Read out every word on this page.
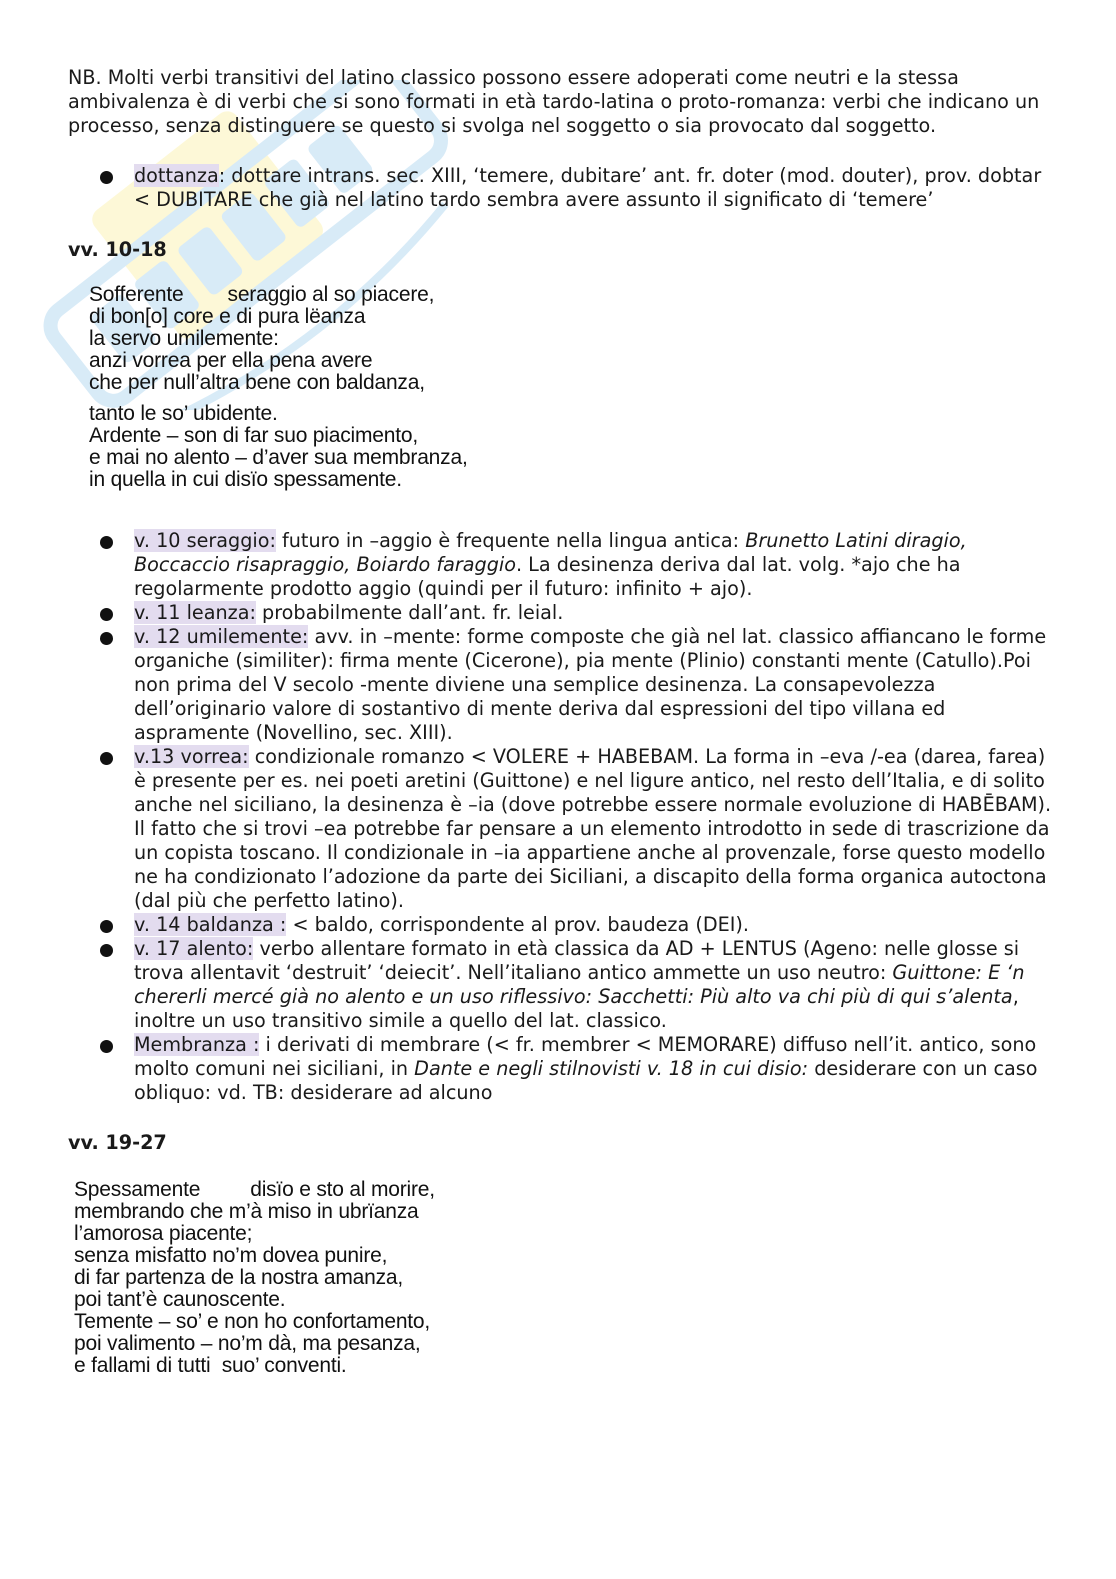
NB. Molti verbi transitivi del latino classico possono essere adoperati come neutri e la stessa ambivalenza è di verbi che si sono formati in età tardo-latina o proto-romanza: verbi che indicano un processo, senza distinguere se questo si svolga nel soggetto o sia provocato dal soggetto.

dottanza: dottare intrans. sec. XIII, ‘temere, dubitare’ ant. fr. doter (mod. douter), prov. dobtar < DUBITARE che già nel latino tardo sembra avere assunto il significato di ‘temere’

vv. 10-18

Sofferente seraggio al so piacere,
di bon[o] core e di pura lëanza
la servo umilemente:
anzi vorrea per ella pena avere
che per null’altra bene con baldanza,
tanto le so’ ubidente.
Ardente – son di far suo piacimento,
e mai no alento – d’aver sua membranza,
in quella in cui disïo spessamente.
v. 10 seraggio: futuro in –aggio è frequente nella lingua antica: Brunetto Latini diragio, Boccaccio risapraggio, Boiardo faraggio. La desinenza deriva dal lat. volg. *ajo che ha regolarmente prodotto aggio (quindi per il futuro: infinito + ajo).
v. 11 leanza: probabilmente dall’ant. fr. leial.
v. 12 umilemente: avv. in –mente: forme composte che già nel lat. classico affiancano le forme organiche (similiter): firma mente (Cicerone), pia mente (Plinio) constanti mente (Catullo).Poi non prima del V secolo -mente diviene una semplice desinenza. La consapevolezza dell’originario valore di sostantivo di mente deriva dal espressioni del tipo villana ed aspramente (Novellino, sec. XIII).
v.13 vorrea: condizionale romanzo < VOLERE + HABEBAM. La forma in –eva /-ea (darea, farea) è presente per es. nei poeti aretini (Guittone) e nel ligure antico, nel resto dell’Italia, e di solito anche nel siciliano, la desinenza è –ia (dove potrebbe essere normale evoluzione di HABĒBAM). Il fatto che si trovi –ea potrebbe far pensare a un elemento introdotto in sede di trascrizione da un copista toscano. Il condizionale in –ia appartiene anche al provenzale, forse questo modello ne ha condizionato l’adozione da parte dei Siciliani, a discapito della forma organica autoctona (dal più che perfetto latino).
v. 14 baldanza : < baldo, corrispondente al prov. baudeza (DEI).
v. 17 alento: verbo allentare formato in età classica da AD + LENTUS (Ageno: nelle glosse si trova allentavit ‘destruit’ ‘deiecit’. Nell’italiano antico ammette un uso neutro: Guittone: E ‘n chererli mercé già no alento e un uso riflessivo: Sacchetti: Più alto va chi più di qui s’alenta, inoltre un uso transitivo simile a quello del lat. classico.
Membranza : i derivati di membrare (< fr. membrer < MEMORARE) diffuso nell’it. antico, sono molto comuni nei siciliani, in Dante e negli stilnovisti v. 18 in cui disio: desiderare con un caso obliquo: vd. TB: desiderare ad alcuno

vv. 19-27

Spessamente disïo e sto al morire,
membrando che m’à miso in ubrïanza
l’amorosa piacente;
senza misfatto no’m dovea punire,
di far partenza de la nostra amanza,
poi tant’è caunoscente.
Temente – so’ e non ho confortamento,
poi valimento – no’m dà, ma pesanza,
e fallami di tutti  suo’ conventi.
